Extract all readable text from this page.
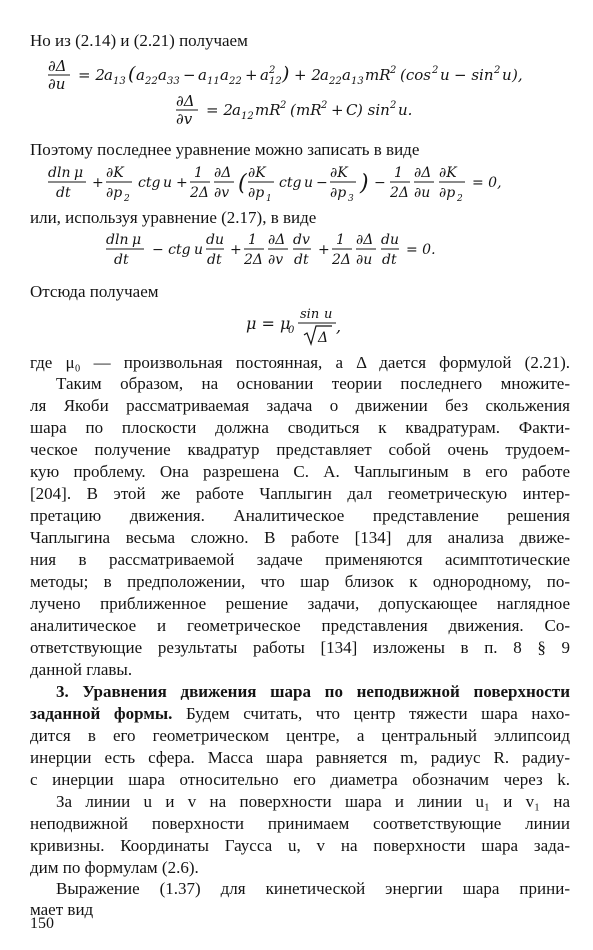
Но из (2.14) и (2.21) получаем
∂Δ
∂u = 2 a 13 ( a 22 a 33 − a 11 a 22 + a 2
12 ) + 2 a 22 a 13 mR 2 (cos 2 u − sin 2 u ),
∂Δ
∂v = 2 a 12 mR 2 ( mR 2 + C ) sin 2 u.
Поэтому последнее уравнение можно записать в виде
d ln μ
dt
+
∂K
∂p 2
ctg u +
1
2Δ
∂Δ
∂v ( ∂K
∂p 1
ctg u −
∂K
∂p 3
) −
1
2Δ
∂Δ
∂u
∂K
∂p 2
= 0,
или, используя уравнение (2.17), в виде
d ln μ
dt
− ctg u
du
dt
+
1
2Δ
∂Δ
∂v
dv
dt
+
1
2Δ
∂Δ
∂u
du
dt
= 0.
Отсюда получаем
μ = μ
0
sin u
Δ
,
где μ₀ — произвольная постоянная, а Δ дается формулой (2.21).
Таким образом, на основании теории последнего множите-
ля Якоби рассматриваемая задача о движении без скольжения
шара по плоскости должна сводиться к квадратурам. Факти-
ческое получение квадратур представляет собой очень трудоем-
кую проблему. Она разрешена С. А. Чаплыгиным в его работе
[204]. В этой же работе Чаплыгин дал геометрическую интер-
претацию движения. Аналитическое представление решения
Чаплыгина весьма сложно. В работе [134] для анализа движе-
ния в рассматриваемой задаче применяются асимптотические
методы; в предположении, что шар близок к однородному, по-
лучено приближенное решение задачи, допускающее наглядное
аналитическое и геометрическое представления движения. Со-
ответствующие результаты работы [134] изложены в п. 8 § 9
данной главы.
3. Уравнения движения шара по неподвижной поверхности
заданной формы. Будем считать, что центр тяжести шара нахо-
дится в его геометрическом центре, а центральный эллипсоид
инерции есть сфера. Масса шара равняется m, радиус R. радиу-
с инерции шара относительно его диаметра обозначим через k.
За линии u и v на поверхности шара и линии u₁ и v₁ на
неподвижной поверхности принимаем соответствующие линии
кривизны. Координаты Гаусса u, v на поверхности шара зада-
дим по формулам (2.6).
Выражение (1.37) для кинетической энергии шара прини-
мает вид
150
